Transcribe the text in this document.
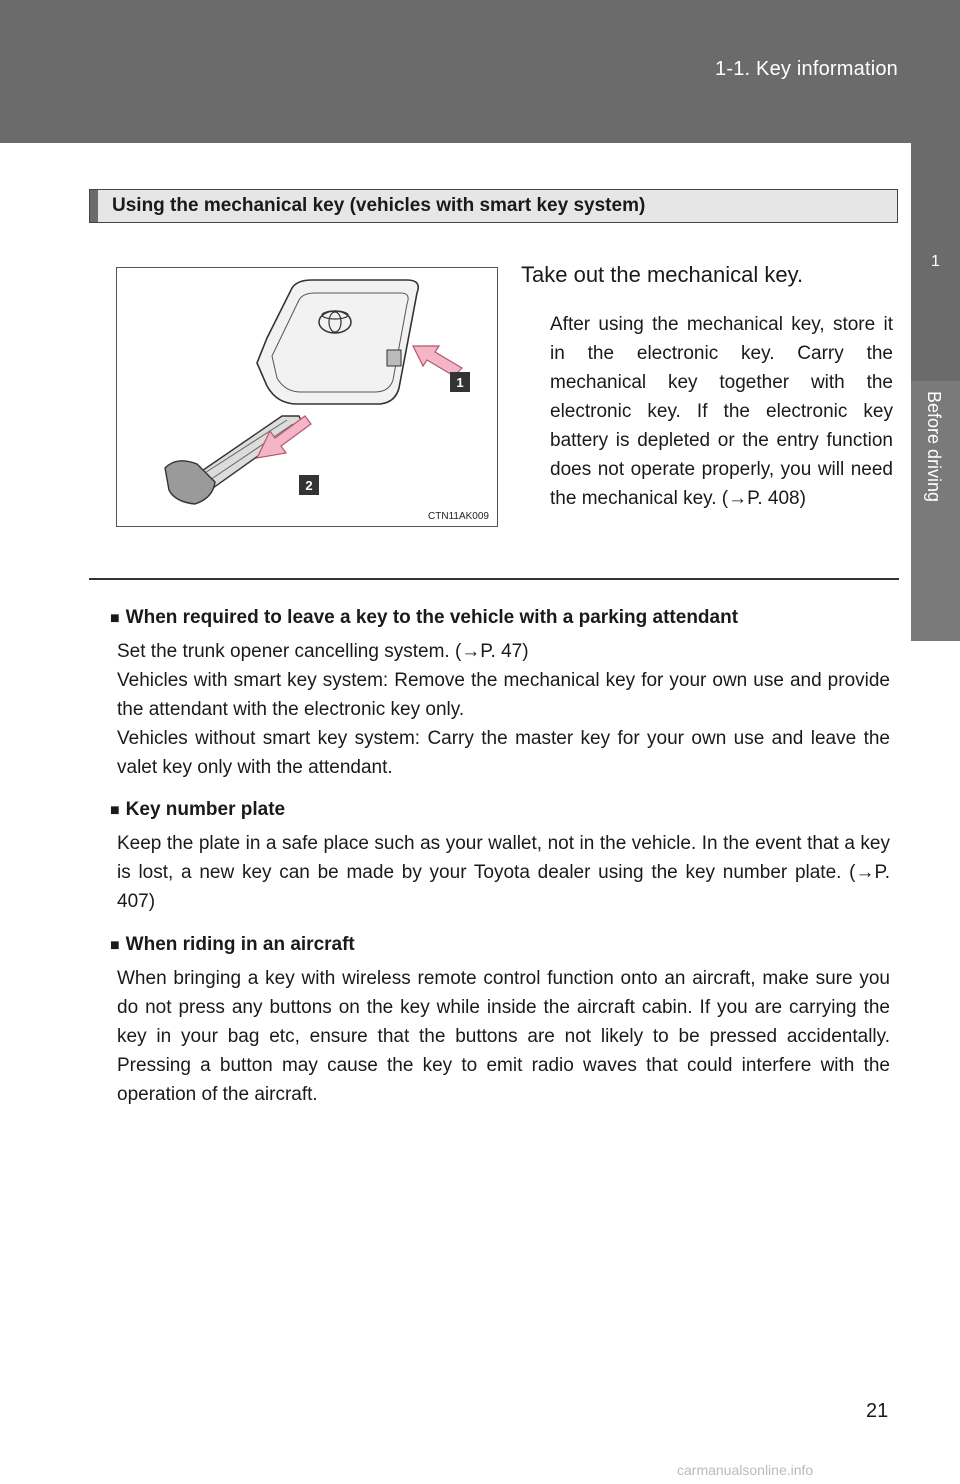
1-1. Key information
1
Before driving
Using the mechanical key (vehicles with smart key system)
1
2
CTN11AK009
Take out the mechanical key.
After using the mechanical key, store it in the electronic key. Carry the mechanical key together with the electronic key. If the electronic key battery is depleted or the entry function does not operate properly, you will need the mechanical key. (→P. 408)
■ When required to leave a key to the vehicle with a parking attendant

Set the trunk opener cancelling system. (→P. 47)

Vehicles with smart key system: Remove the mechanical key for your own use and provide the attendant with the electronic key only.

Vehicles without smart key system: Carry the master key for your own use and leave the valet key only with the attendant.

■ Key number plate

Keep the plate in a safe place such as your wallet, not in the vehicle. In the event that a key is lost, a new key can be made by your Toyota dealer using the key number plate. (→P. 407)

■ When riding in an aircraft

When bringing a key with wireless remote control function onto an aircraft, make sure you do not press any buttons on the key while inside the aircraft cabin. If you are carrying the key in your bag etc, ensure that the buttons are not likely to be pressed accidentally. Pressing a button may cause the key to emit radio waves that could interfere with the operation of the aircraft.

21
carmanualsonline.info
